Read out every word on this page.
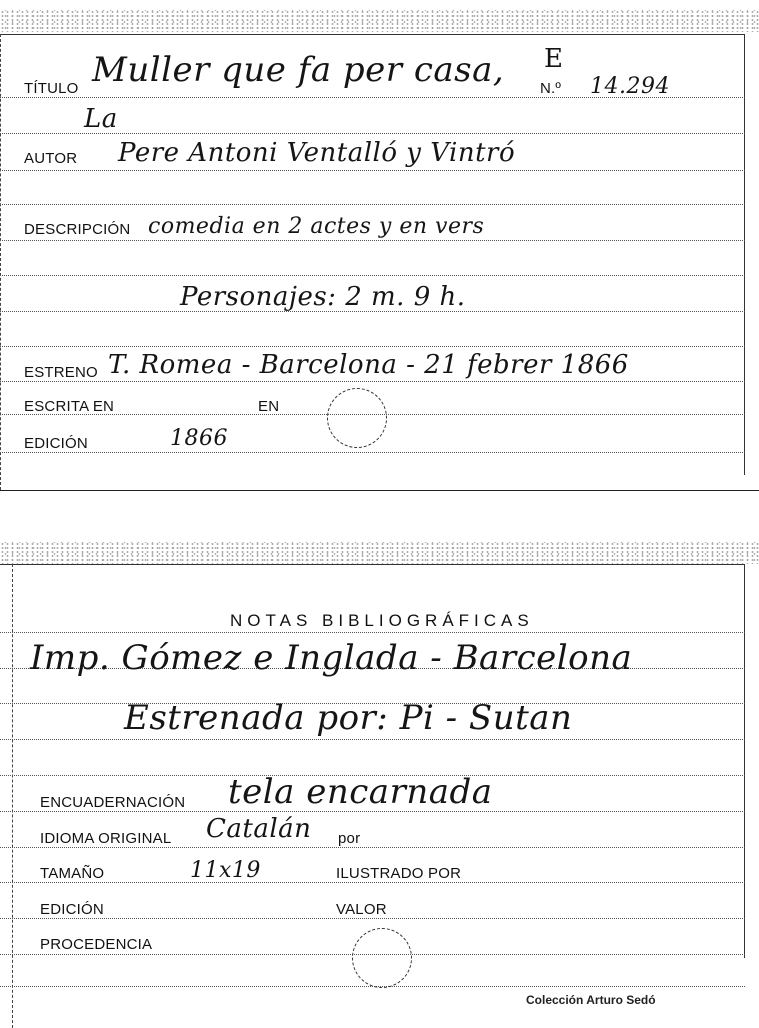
TÍTULO Muller que fa per casa,
La
E
N.º 14.294
AUTOR Pere Antoni Ventalló y Vintró
DESCRIPCIÓN comedia en 2 actes y en vers
Personajes: 2 m. 9 h.
ESTRENO T. Romea - Barcelona - 21 febrer 1866
ESCRITA EN	EN
EDICIÓN	1866
NOTAS BIBLIOGRÁFICAS
Imp. Gómez e Inglada - Barcelona
Estrenada por: Pi - Sutan
ENCUADERNACIÓN tela encarnada
IDIOMA ORIGINAL Catalán por
TAMAÑO	11x19	ILUSTRADO POR
EDICIÓN	VALOR
PROCEDENCIA
Colección Arturo Sedó
